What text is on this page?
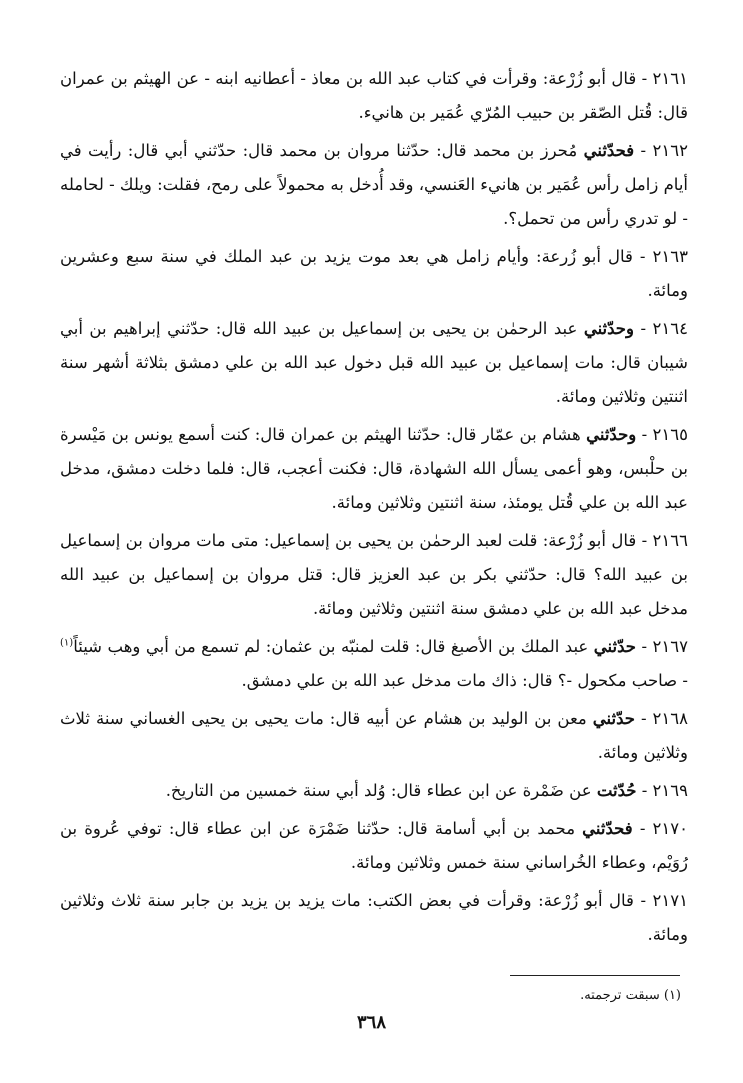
٢١٦١ - قال أبو زُرْعة: وقرأت في كتاب عبد الله بن معاذ - أعطانيه ابنه - عن الهيثم بن عمران قال: قُتل الصّقر بن حبيب المُرّي عُمَير بن هانيء.

٢١٦٢ - فحدّثني مُحرز بن محمد قال: حدّثنا مروان بن محمد قال: حدّثني أبي قال: رأيت في أيام زامل رأس عُمَير بن هانيء العَنسي، وقد أُدخل به محمولاً على رمح، فقلت: ويلك - لحامله - لو تدري رأس من تحمل؟.

٢١٦٣ - قال أبو زُرعة: وأيام زامل هي بعد موت يزيد بن عبد الملك في سنة سبع وعشرين ومائة.

٢١٦٤ - وحدّثني عبد الرحمٰن بن يحيى بن إسماعيل بن عبيد الله قال: حدّثني إبراهيم بن أبي شيبان قال: مات إسماعيل بن عبيد الله قبل دخول عبد الله بن علي دمشق بثلاثة أشهر سنة اثنتين وثلاثين ومائة.

٢١٦٥ - وحدّثني هشام بن عمّار قال: حدّثنا الهيثم بن عمران قال: كنت أسمع يونس بن مَيْسرة بن حلْبس، وهو أعمى يسأل الله الشهادة، قال: فكنت أعجب، قال: فلما دخلت دمشق، مدخل عبد الله بن علي قُتل يومئذ، سنة اثنتين وثلاثين ومائة.

٢١٦٦ - قال أبو زُرْعة: قلت لعبد الرحمٰن بن يحيى بن إسماعيل: متى مات مروان بن إسماعيل بن عبيد الله؟ قال: حدّثني بكر بن عبد العزيز قال: قتل مروان بن إسماعيل بن عبيد الله مدخل عبد الله بن علي دمشق سنة اثنتين وثلاثين ومائة.

٢١٦٧ - حدّثني عبد الملك بن الأصبغ قال: قلت لمنبّه بن عثمان: لم تسمع من أبي وهب شيئاً$^{(١)}$ - صاحب مكحول -؟ قال: ذاك مات مدخل عبد الله بن علي دمشق.

٢١٦٨ - حدّثني معن بن الوليد بن هشام عن أبيه قال: مات يحيى بن يحيى الغساني سنة ثلاث وثلاثين ومائة.

٢١٦٩ - حُدّثت عن ضَمْرة عن ابن عطاء قال: وُلد أبي سنة خمسين من التاريخ.

٢١٧٠ - فحدّثني محمد بن أبي أسامة قال: حدّثنا ضَمْرَة عن ابن عطاء قال: توفي عُروة بن رُوَيْم، وعطاء الخُراساني سنة خمس وثلاثين ومائة.

٢١٧١ - قال أبو زُرْعة: وقرأت في بعض الكتب: مات يزيد بن يزيد بن جابر سنة ثلاث وثلاثين ومائة.

(١) سبقت ترجمته.
٣٦٨
